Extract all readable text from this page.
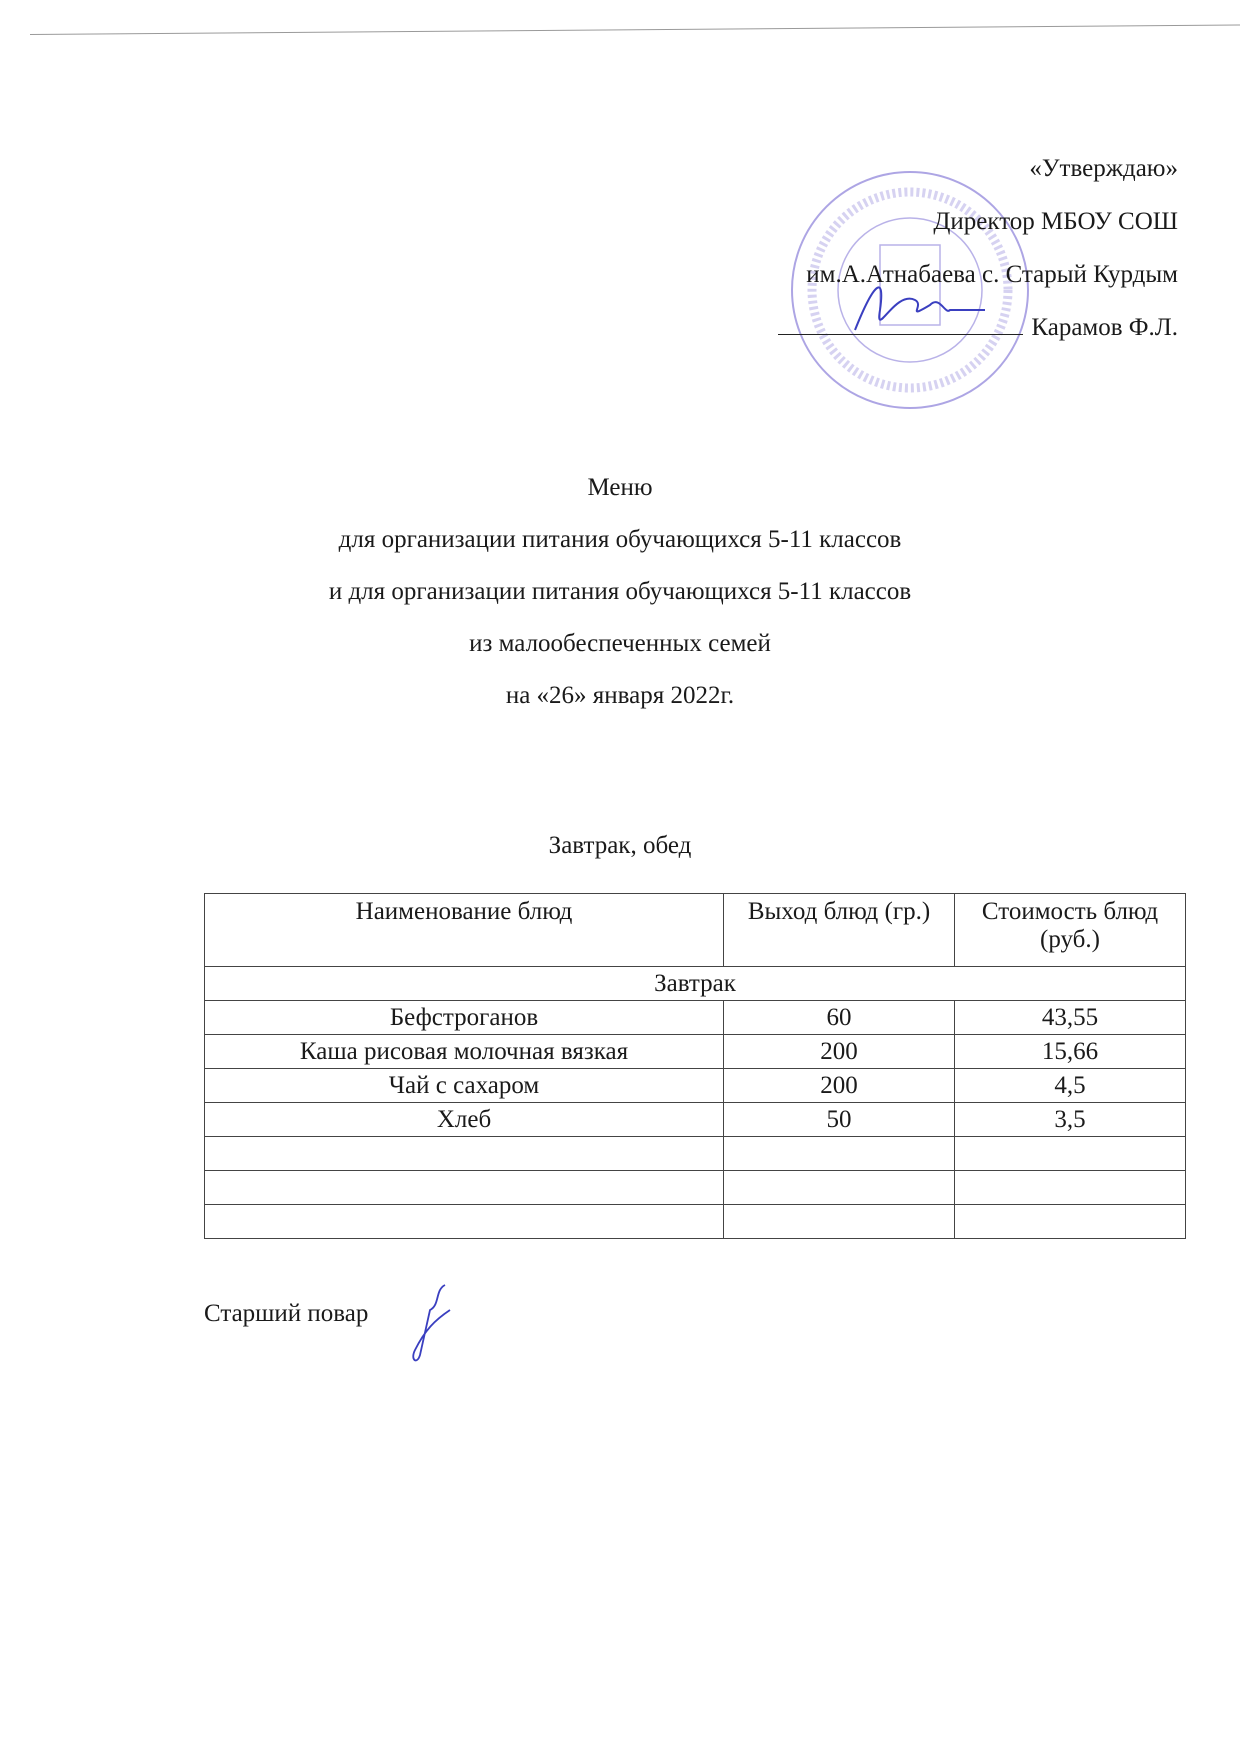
«Утверждаю»
Директор МБОУ СОШ
им.А.Атнабаева с. Старый Курдым
Карамов Ф.Л.
Меню
для организации питания обучающихся 5-11 классов
и для организации питания обучающихся 5-11 классов
из малообеспеченных семей
на «26» января 2022г.
Завтрак, обед
Наименование блюд	Выход блюд (гр.)	Стоимость блюд (руб.)
Завтрак		
Бефстроганов	60	43,55
Каша рисовая молочная вязкая	200	15,66
Чай с сахаром	200	4,5
Хлеб	50	3,5

Старший повар
